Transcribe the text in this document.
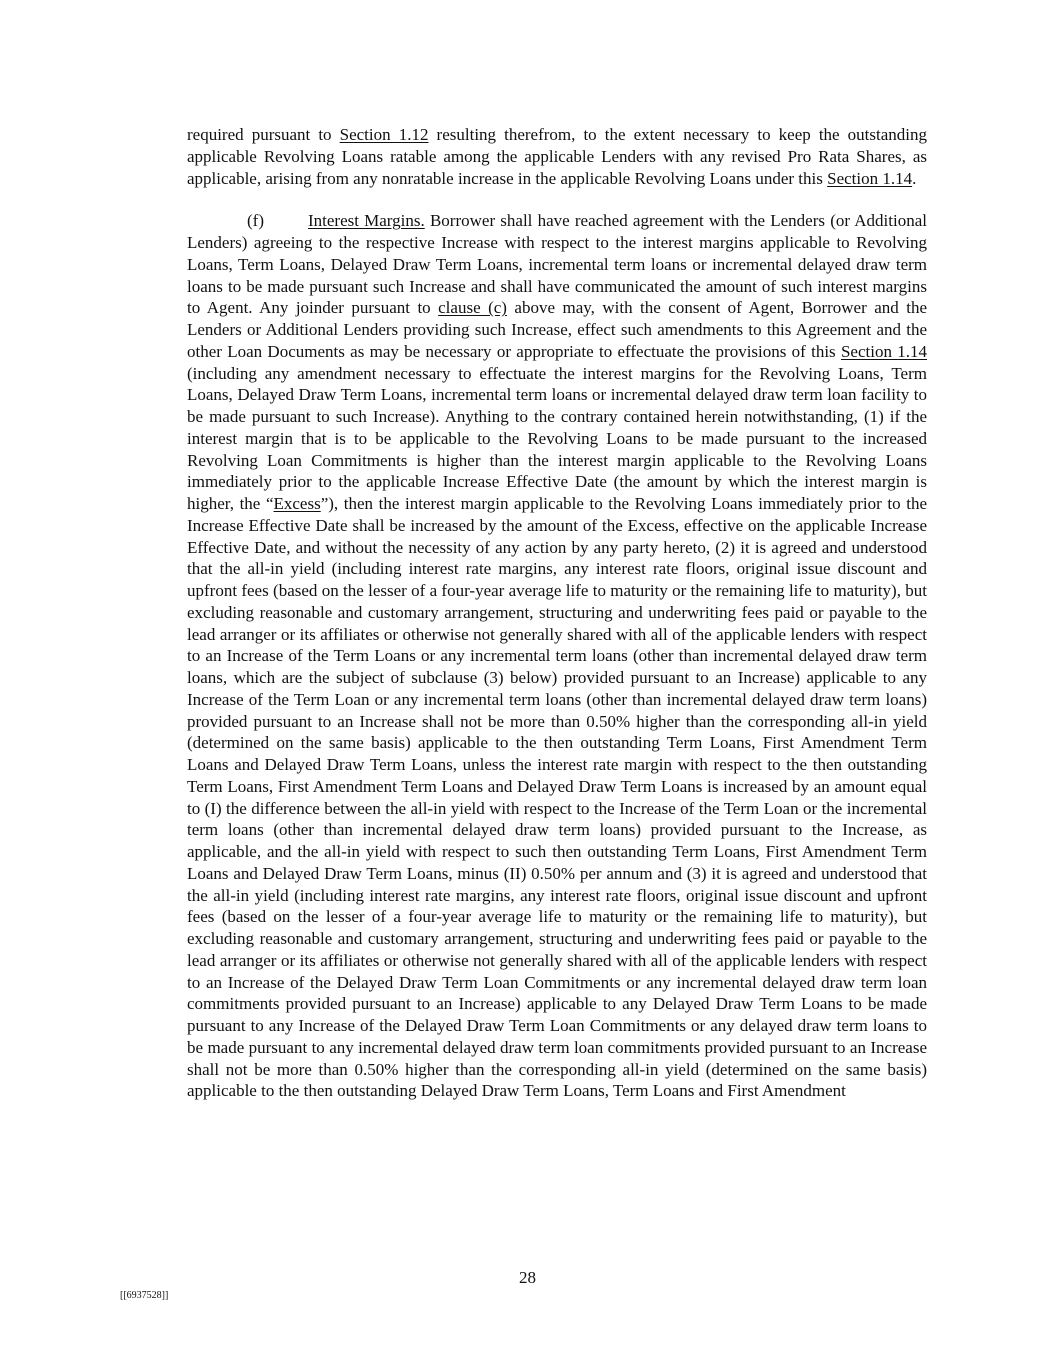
required pursuant to Section 1.12 resulting therefrom, to the extent necessary to keep the outstanding applicable Revolving Loans ratable among the applicable Lenders with any revised Pro Rata Shares, as applicable, arising from any nonratable increase in the applicable Revolving Loans under this Section 1.14.

(f)	Interest Margins. Borrower shall have reached agreement with the Lenders (or Additional Lenders) agreeing to the respective Increase with respect to the interest margins applicable to Revolving Loans, Term Loans, Delayed Draw Term Loans, incremental term loans or incremental delayed draw term loans to be made pursuant such Increase and shall have communicated the amount of such interest margins to Agent. Any joinder pursuant to clause (c) above may, with the consent of Agent, Borrower and the Lenders or Additional Lenders providing such Increase, effect such amendments to this Agreement and the other Loan Documents as may be necessary or appropriate to effectuate the provisions of this Section 1.14 (including any amendment necessary to effectuate the interest margins for the Revolving Loans, Term Loans, Delayed Draw Term Loans, incremental term loans or incremental delayed draw term loan facility to be made pursuant to such Increase). Anything to the contrary contained herein notwithstanding, (1) if the interest margin that is to be applicable to the Revolving Loans to be made pursuant to the increased Revolving Loan Commitments is higher than the interest margin applicable to the Revolving Loans immediately prior to the applicable Increase Effective Date (the amount by which the interest margin is higher, the “Excess”), then the interest margin applicable to the Revolving Loans immediately prior to the Increase Effective Date shall be increased by the amount of the Excess, effective on the applicable Increase Effective Date, and without the necessity of any action by any party hereto, (2) it is agreed and understood that the all-in yield (including interest rate margins, any interest rate floors, original issue discount and upfront fees (based on the lesser of a four-year average life to maturity or the remaining life to maturity), but excluding reasonable and customary arrangement, structuring and underwriting fees paid or payable to the lead arranger or its affiliates or otherwise not generally shared with all of the applicable lenders with respect to an Increase of the Term Loans or any incremental term loans (other than incremental delayed draw term loans, which are the subject of subclause (3) below) provided pursuant to an Increase) applicable to any Increase of the Term Loan or any incremental term loans (other than incremental delayed draw term loans) provided pursuant to an Increase shall not be more than 0.50% higher than the corresponding all-in yield (determined on the same basis) applicable to the then outstanding Term Loans, First Amendment Term Loans and Delayed Draw Term Loans, unless the interest rate margin with respect to the then outstanding Term Loans, First Amendment Term Loans and Delayed Draw Term Loans is increased by an amount equal to (I) the difference between the all-in yield with respect to the Increase of the Term Loan or the incremental term loans (other than incremental delayed draw term loans) provided pursuant to the Increase, as applicable, and the all-in yield with respect to such then outstanding Term Loans, First Amendment Term Loans and Delayed Draw Term Loans, minus (II) 0.50% per annum and (3) it is agreed and understood that the all-in yield (including interest rate margins, any interest rate floors, original issue discount and upfront fees (based on the lesser of a four-year average life to maturity or the remaining life to maturity), but excluding reasonable and customary arrangement, structuring and underwriting fees paid or payable to the lead arranger or its affiliates or otherwise not generally shared with all of the applicable lenders with respect to an Increase of the Delayed Draw Term Loan Commitments or any incremental delayed draw term loan commitments provided pursuant to an Increase) applicable to any Delayed Draw Term Loans to be made pursuant to any Increase of the Delayed Draw Term Loan Commitments or any delayed draw term loans to be made pursuant to any incremental delayed draw term loan commitments provided pursuant to an Increase shall not be more than 0.50% higher than the corresponding all-in yield (determined on the same basis) applicable to the then outstanding Delayed Draw Term Loans, Term Loans and First Amendment

28
[[6937528]]
